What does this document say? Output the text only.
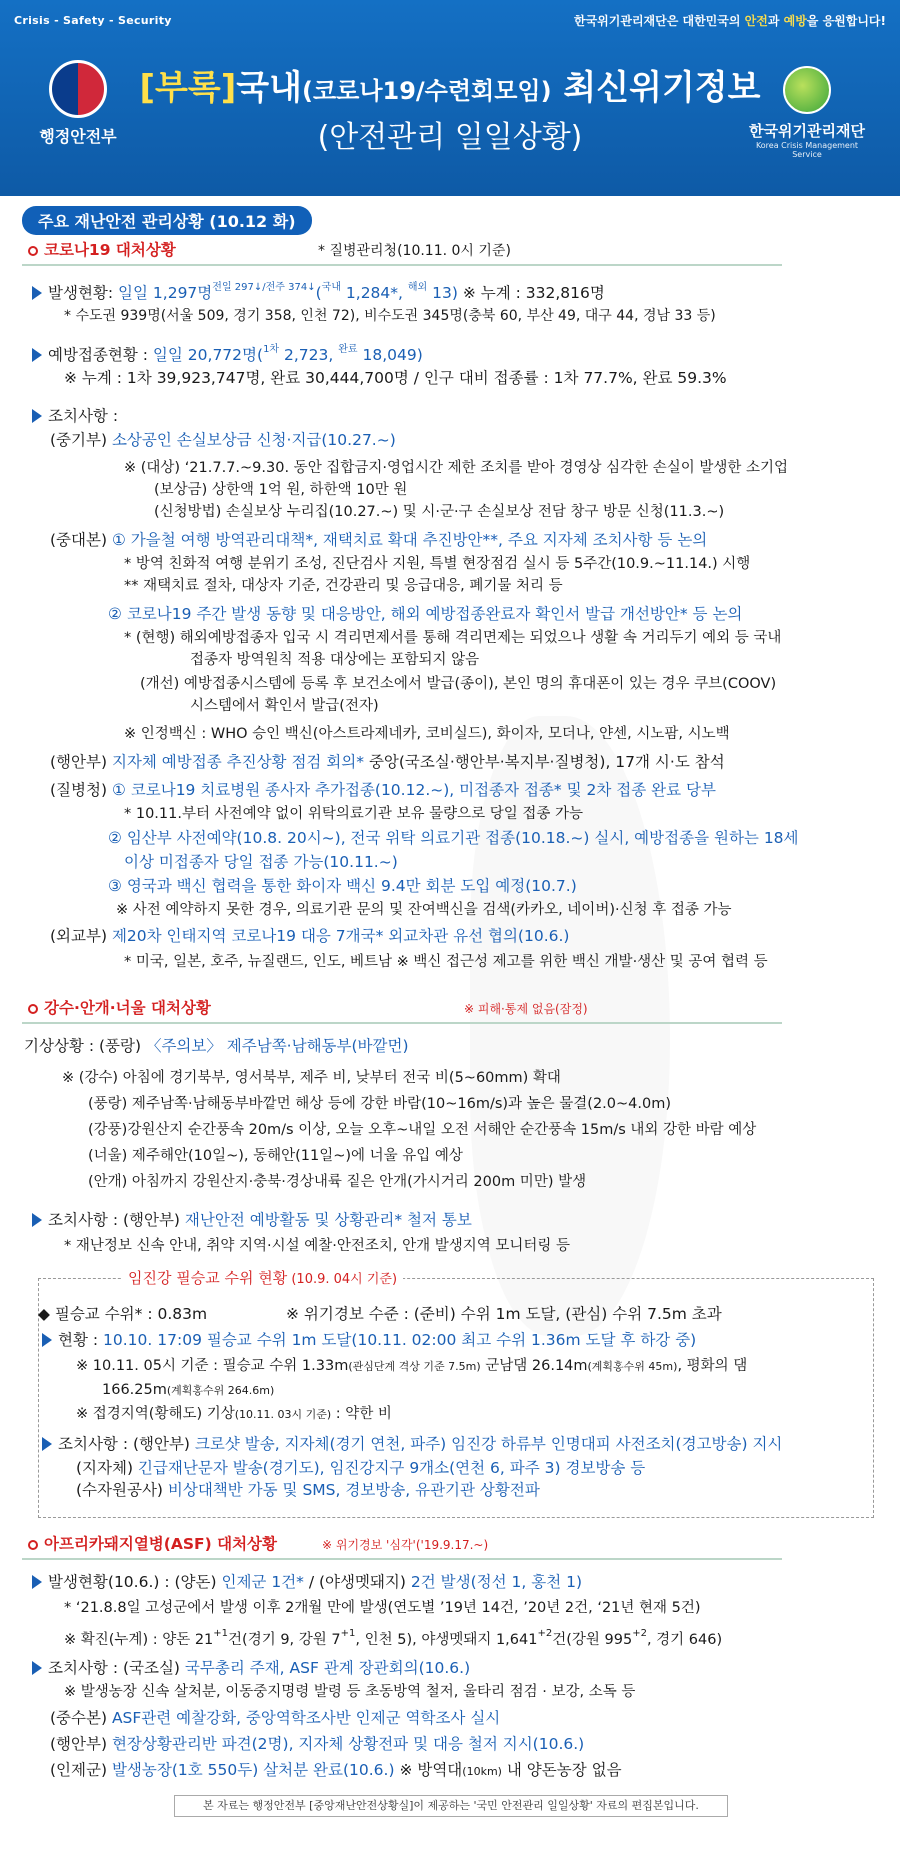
Crisis - Safety - Security	한국위기관리재단은 대한민국의 안전과 예방을 응원합니다!
행정안전부
[부록]국내(코로나19/수련회모임) 최신위기정보
(안전관리 일일상황)	한국위기관리재단
Korea Crisis Management Service
주요 재난안전 관리상황 (10.12 화)
코로나19 대처상황	* 질병관리청(10.11. 0시 기준)
발생현황: 일일 1,297명$^{전일 297↓/전주 374↓}$($^{국내}$ 1,284*, $^{해외}$ 13) ※ 누계 : 332,816명
* 수도권 939명(서울 509, 경기 358, 인천 72), 비수도권 345명(충북 60, 부산 49, 대구 44, 경남 33 등)
예방접종현황 : 일일 20,772명($^{1차}$ 2,723, $^{완료}$ 18,049)
※ 누계 : 1차 39,923,747명, 완료 30,444,700명 / 인구 대비 접종률 : 1차 77.7%, 완료 59.3%
조치사항 :
(중기부) 소상공인 손실보상금 신청·지급(10.27.~)
※ (대상) ‘21.7.7.~9.30. 동안 집합금지·영업시간 제한 조치를 받아 경영상 심각한 손실이 발생한 소기업
(보상금) 상한액 1억 원, 하한액 10만 원
(신청방법) 손실보상 누리집(10.27.~) 및 시·군·구 손실보상 전담 창구 방문 신청(11.3.~)
(중대본) ① 가을철 여행 방역관리대책*, 재택치료 확대 추진방안**, 주요 지자체 조치사항 등 논의
* 방역 친화적 여행 분위기 조성, 진단검사 지원, 특별 현장점검 실시 등 5주간(10.9.~11.14.) 시행
** 재택치료 절차, 대상자 기준, 건강관리 및 응급대응, 폐기물 처리 등
② 코로나19 주간 발생 동향 및 대응방안, 해외 예방접종완료자 확인서 발급 개선방안* 등 논의
* (현행) 해외예방접종자 입국 시 격리면제서를 통해 격리면제는 되었으나 생활 속 거리두기 예외 등 국내
접종자 방역원칙 적용 대상에는 포함되지 않음
(개선) 예방접종시스템에 등록 후 보건소에서 발급(종이), 본인 명의 휴대폰이 있는 경우 쿠브(COOV)
시스템에서 확인서 발급(전자)
※ 인정백신 : WHO 승인 백신(아스트라제네카, 코비실드), 화이자, 모더나, 얀센, 시노팜, 시노백
(행안부) 지자체 예방접종 추진상황 점검 회의* 중앙(국조실·행안부·복지부·질병청), 17개 시·도 참석
(질병청) ① 코로나19 치료병원 종사자 추가접종(10.12.~), 미접종자 접종* 및 2차 접종 완료 당부
* 10.11.부터 사전예약 없이 위탁의료기관 보유 물량으로 당일 접종 가능
② 임산부 사전예약(10.8. 20시~), 전국 위탁 의료기관 접종(10.18.~) 실시, 예방접종을 원하는 18세
이상 미접종자 당일 접종 가능(10.11.~)
③ 영국과 백신 협력을 통한 화이자 백신 9.4만 회분 도입 예정(10.7.)
※ 사전 예약하지 못한 경우, 의료기관 문의 및 잔여백신을 검색(카카오, 네이버)·신청 후 접종 가능
(외교부) 제20차 인태지역 코로나19 대응 7개국* 외교차관 유선 협의(10.6.)
* 미국, 일본, 호주, 뉴질랜드, 인도, 베트남 ※ 백신 접근성 제고를 위한 백신 개발·생산 및 공여 협력 등
강수·안개·너울 대처상황	※ 피해·통제 없음(잠정)
기상상황 : (풍랑) 〈주의보〉 제주남쪽·남해동부(바깥먼)
※ (강수) 아침에 경기북부, 영서북부, 제주 비, 낮부터 전국 비(5~60mm) 확대
(풍랑) 제주남쪽·남해동부바깥먼 해상 등에 강한 바람(10~16m/s)과 높은 물결(2.0~4.0m)
(강풍)강원산지 순간풍속 20m/s 이상, 오늘 오후~내일 오전 서해안 순간풍속 15m/s 내외 강한 바람 예상
(너울) 제주해안(10일~), 동해안(11일~)에 너울 유입 예상
(안개) 아침까지 강원산지·충북·경상내륙 짙은 안개(가시거리 200m 미만) 발생
조치사항 : (행안부) 재난안전 예방활동 및 상황관리* 철저 통보
* 재난정보 신속 안내, 취약 지역·시설 예찰·안전조치, 안개 발생지역 모니터링 등
임진강 필승교 수위 현황 (10.9. 04시 기준)
◆ 필승교 수위* : 0.83m	※ 위기경보 수준 : (준비) 수위 1m 도달, (관심) 수위 7.5m 초과
현황 : 10.10. 17:09 필승교 수위 1m 도달(10.11. 02:00 최고 수위 1.36m 도달 후 하강 중)
※ 10.11. 05시 기준 : 필승교 수위 1.33m(관심단계 격상 기준 7.5m) 군남댐 26.14m(계획홍수위 45m), 평화의 댐
166.25m(계획홍수위 264.6m)
※ 접경지역(황해도) 기상(10.11. 03시 기준) : 약한 비
조치사항 : (행안부) 크로샷 발송, 지자체(경기 연천, 파주) 임진강 하류부 인명대피 사전조치(경고방송) 지시
(지자체) 긴급재난문자 발송(경기도), 임진강지구 9개소(연천 6, 파주 3) 경보방송 등
(수자원공사) 비상대책반 가동 및 SMS, 경보방송, 유관기관 상황전파
아프리카돼지열병(ASF) 대처상황	※ 위기경보 '심각'('19.9.17.~)
발생현황(10.6.) : (양돈) 인제군 1건* / (야생멧돼지) 2건 발생(정선 1, 홍천 1)
* ‘21.8.8일 고성군에서 발생 이후 2개월 만에 발생(연도별 ’19년 14건, ’20년 2건, ‘21년 현재 5건)
※ 확진(누계) : 양돈 $21^{+1}$건(경기 9, 강원 $7^{+1}$, 인천 5), 야생멧돼지 $1,641^{+2}$건(강원 $995^{+2}$, 경기 646)
조치사항 : (국조실) 국무총리 주재, ASF 관계 장관회의(10.6.)
※ 발생농장 신속 살처분, 이동중지명령 발령 등 초동방역 철저, 울타리 점검 · 보강, 소독 등
(중수본) ASF관련 예찰강화, 중앙역학조사반 인제군 역학조사 실시
(행안부) 현장상황관리반 파견(2명), 지자체 상황전파 및 대응 철저 지시(10.6.)
(인제군) 발생농장(1호 550두) 살처분 완료(10.6.) ※ 방역대(10km) 내 양돈농장 없음
본 자료는 행정안전부 [중앙재난안전상황실]이 제공하는 '국민 안전관리 일일상황' 자료의 편집본입니다.
